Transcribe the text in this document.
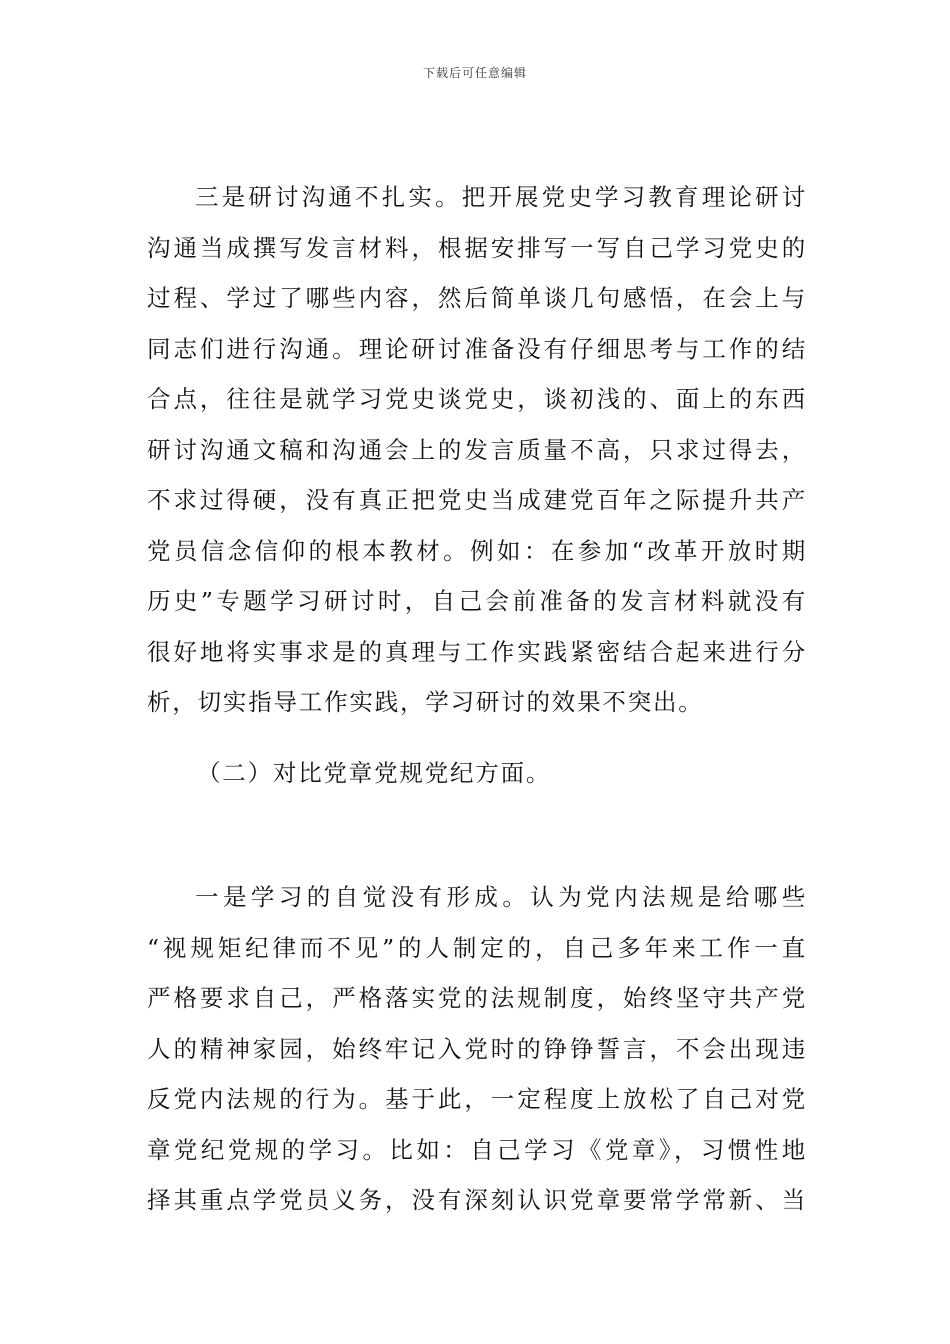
下载后可任意编辑
三是研讨沟通不扎实。把开展党史学习教育理论研讨
沟通当成撰写发言材料，根据安排写一写自己学习党史的
过程、学过了哪些内容，然后简单谈几句感悟，在会上与
同志们进行沟通。理论研讨准备没有仔细思考与工作的结
合点，往往是就学习党史谈党史，谈初浅的、面上的东西
研讨沟通文稿和沟通会上的发言质量不高，只求过得去，
不求过得硬，没有真正把党史当成建党百年之际提升共产
党员信念信仰的根本教材。例如：在参加“改革开放时期
历史”专题学习研讨时，自己会前准备的发言材料就没有
很好地将实事求是的真理与工作实践紧密结合起来进行分
析，切实指导工作实践，学习研讨的效果不突出。
（二）对比党章党规党纪方面。
一是学习的自觉没有形成。认为党内法规是给哪些
“视规矩纪律而不见”的人制定的，自己多年来工作一直
严格要求自己，严格落实党的法规制度，始终坚守共产党
人的精神家园，始终牢记入党时的铮铮誓言，不会出现违
反党内法规的行为。基于此，一定程度上放松了自己对党
章党纪党规的学习。比如：自己学习《党章》，习惯性地
择其重点学党员义务，没有深刻认识党章要常学常新、当
